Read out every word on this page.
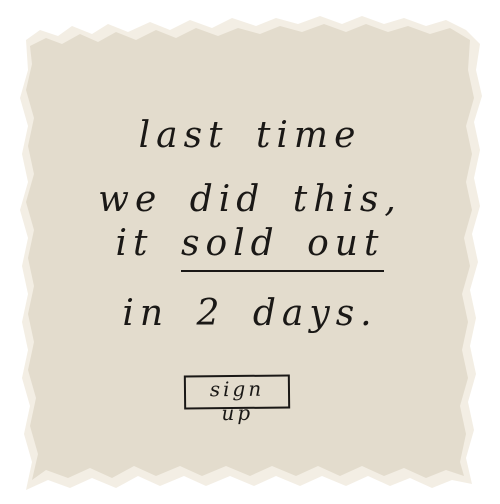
last time
we did this,
it sold out
in 2 days.
sign up
